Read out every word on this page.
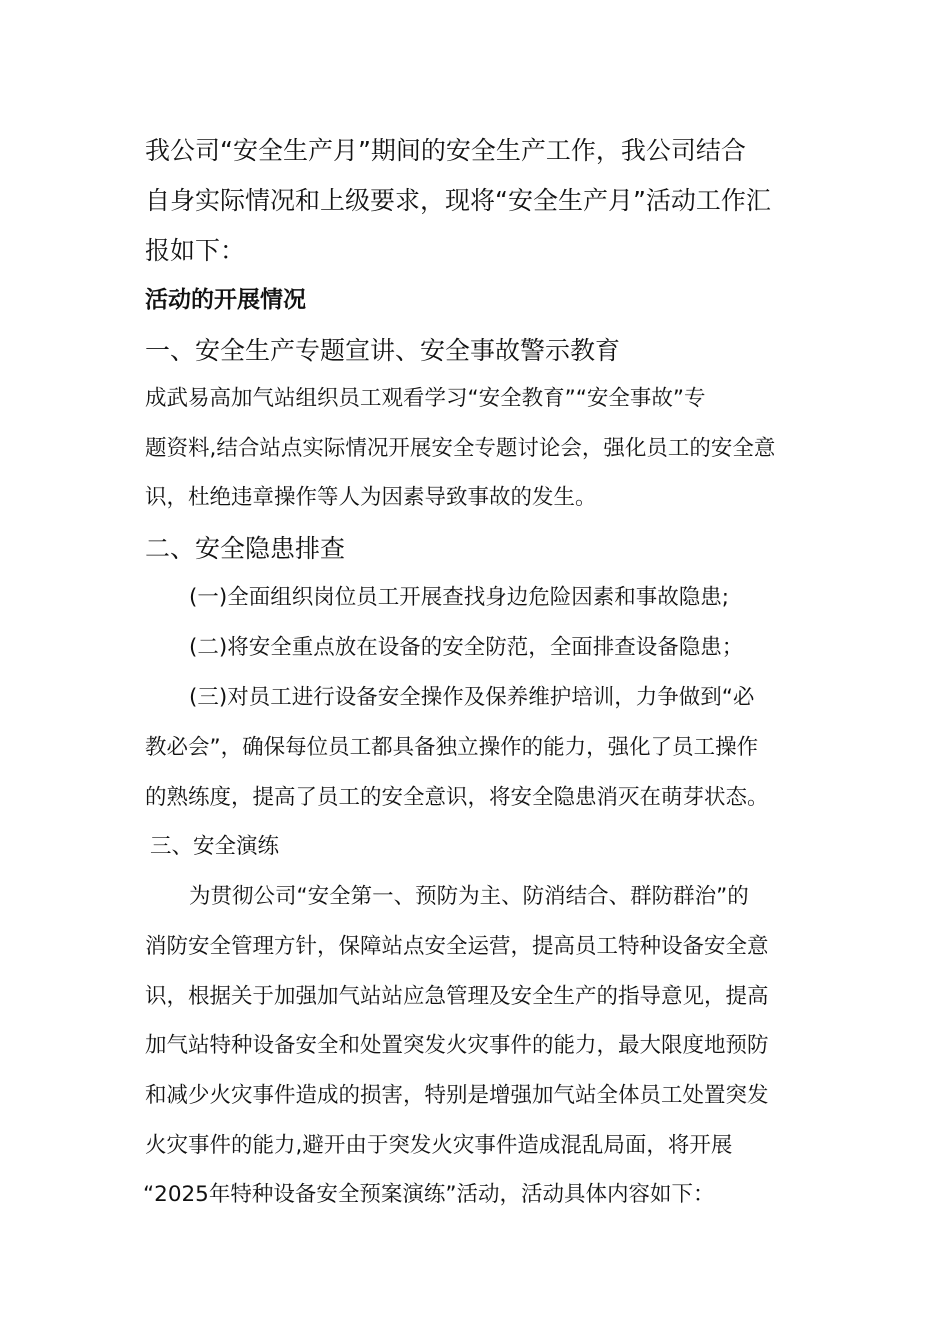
我公司“安全生产月”期间的安全生产工作，我公司结合
自身实际情况和上级要求，现将“安全生产月”活动工作汇
报如下：
活动的开展情况
一、安全生产专题宣讲、安全事故警示教育
成武易高加气站组织员工观看学习“安全教育”“安全事故”专
题资料,结合站点实际情况开展安全专题讨论会，强化员工的安全意
识，杜绝违章操作等人为因素导致事故的发生。
二、安全隐患排查
(一)全面组织岗位员工开展查找身边危险因素和事故隐患;
(二)将安全重点放在设备的安全防范，全面排查设备隐患；
(三)对员工进行设备安全操作及保养维护培训，力争做到“必
教必会”，确保每位员工都具备独立操作的能力，强化了员工操作
的熟练度，提高了员工的安全意识，将安全隐患消灭在萌芽状态。
三、安全演练
为贯彻公司“安全第一、预防为主、防消结合、群防群治”的
消防安全管理方针，保障站点安全运营，提高员工特种设备安全意
识，根据关于加强加气站站应急管理及安全生产的指导意见，提高
加气站特种设备安全和处置突发火灾事件的能力，最大限度地预防
和减少火灾事件造成的损害，特别是增强加气站全体员工处置突发
火灾事件的能力,避开由于突发火灾事件造成混乱局面，将开展
“2025年特种设备安全预案演练”活动，活动具体内容如下：
